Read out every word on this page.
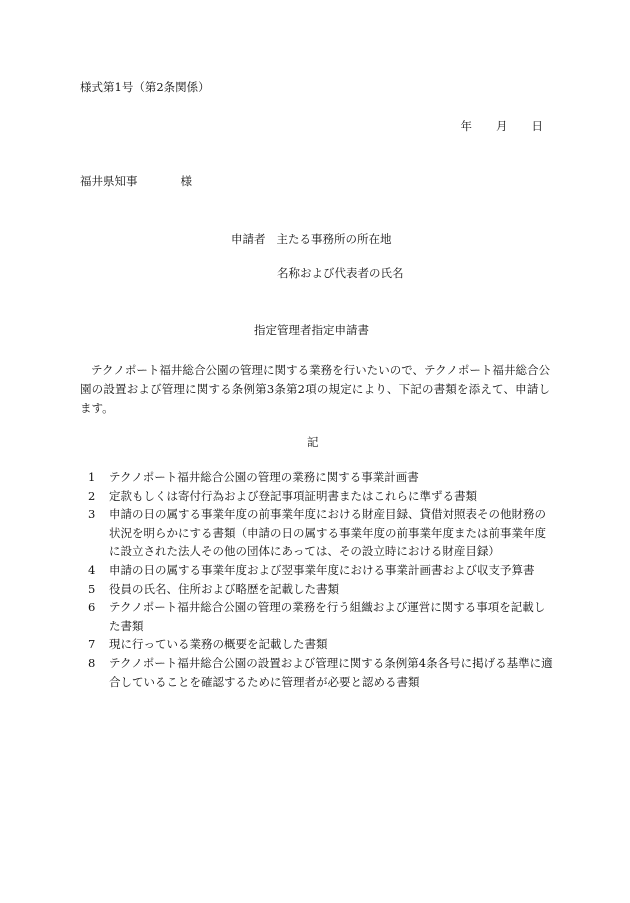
様式第1号（第2条関係）
年 月 日
福井県知事	様
申請者 主たる事務所の所在地
名称および代表者の氏名
指定管理者指定申請書

テクノポート福井総合公園の管理に関する業務を行いたいので、テクノポート福井総合公園の設置および管理に関する条例第3条第2項の規定により、下記の書類を添えて、申請します。

記
1 テクノポート福井総合公園の管理の業務に関する事業計画書
2 定款もしくは寄付行為および登記事項証明書またはこれらに準ずる書類
3 申請の日の属する事業年度の前事業年度における財産目録、貸借対照表その他財務の状況を明らかにする書類（申請の日の属する事業年度の前事業年度または前事業年度に設立された法人その他の団体にあっては、その設立時における財産目録）
4 申請の日の属する事業年度および翌事業年度における事業計画書および収支予算書
5 役員の氏名、住所および略歴を記載した書類
6 テクノポート福井総合公園の管理の業務を行う組織および運営に関する事項を記載した書類
7 現に行っている業務の概要を記載した書類
8 テクノポート福井総合公園の設置および管理に関する条例第4条各号に掲げる基準に適合していることを確認するために管理者が必要と認める書類
